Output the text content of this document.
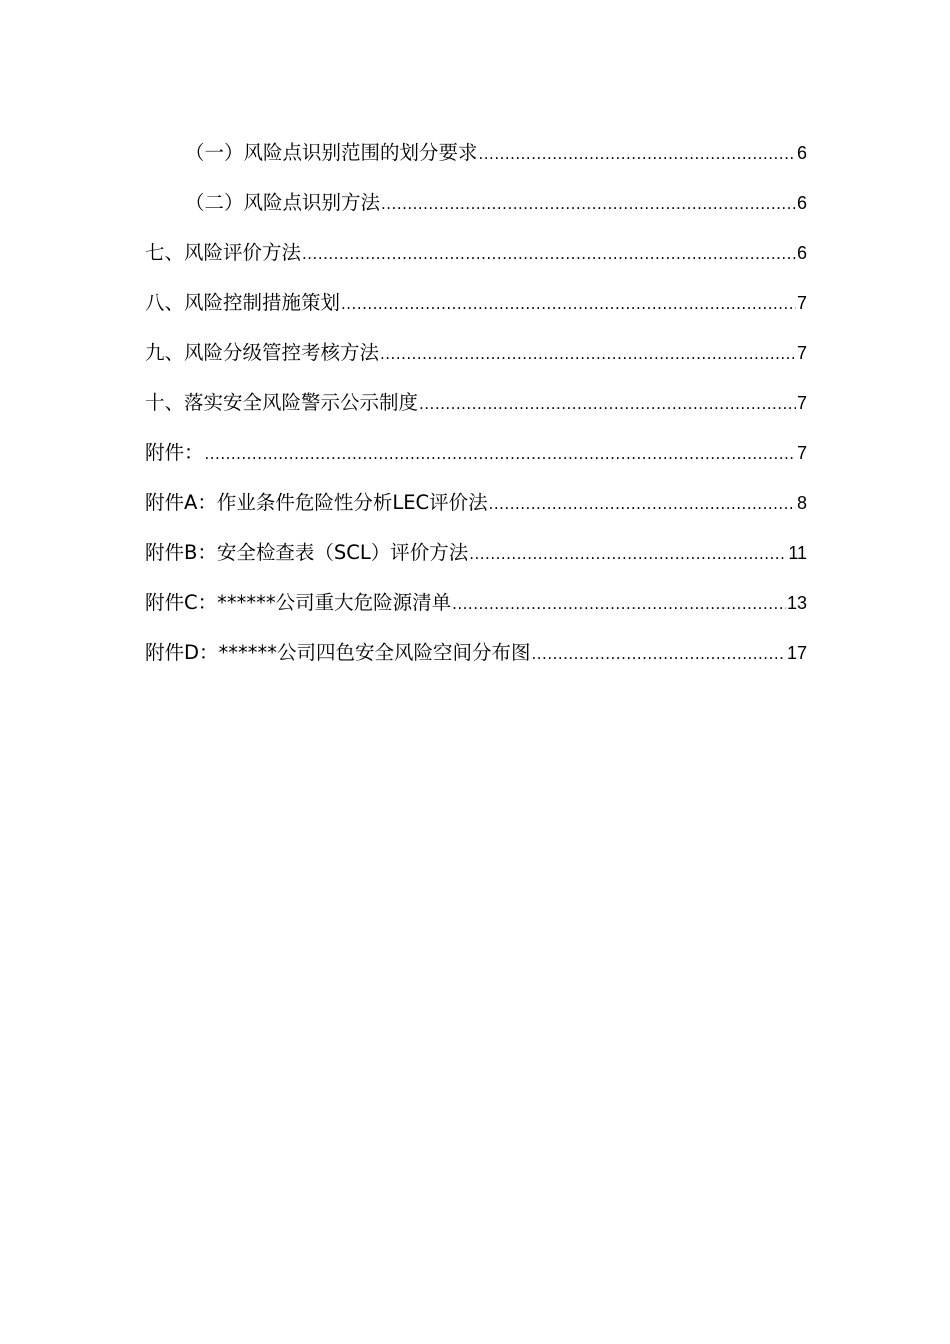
（一）风险点识别范围的划分要求 .....	6
（二）风险点识别方法 .....	6
七、风险评价方法 .....	6
八、风险控制措施策划 .....	7
九、风险分级管控考核方法 .....	7
十、落实安全风险警示公示制度 .....	7
附件： .....	7
附件A：作业条件危险性分析LEC评价法 .....	8
附件B：安全检查表（SCL）评价方法 .....	11
附件C：******公司重大危险源清单 .....	13
附件D：******公司四色安全风险空间分布图 .....	17
